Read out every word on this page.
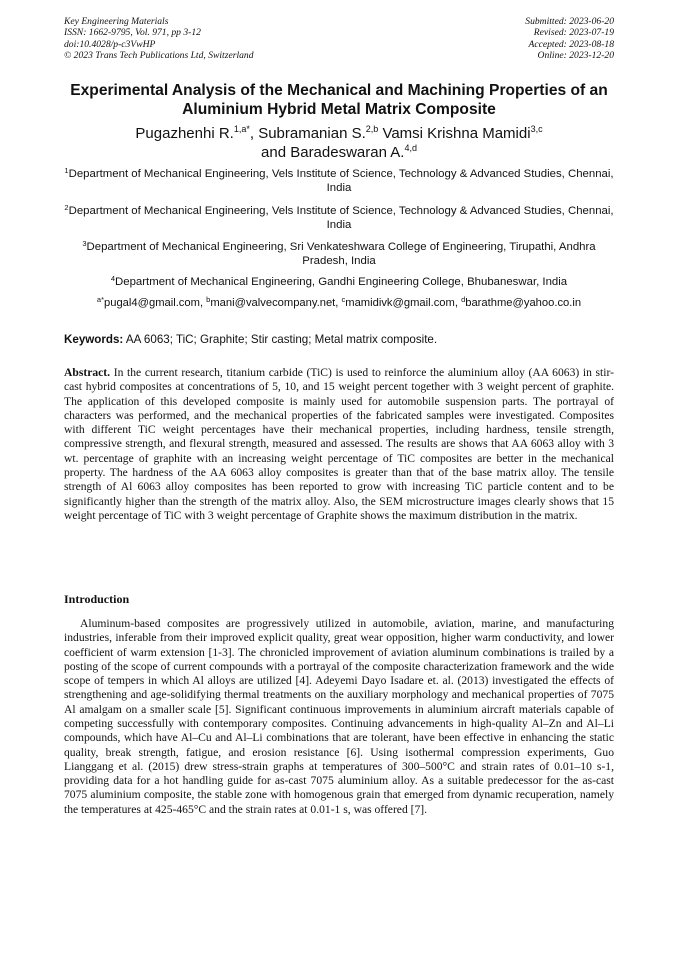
Key Engineering Materials
ISSN: 1662-9795, Vol. 971, pp 3-12
doi:10.4028/p-c3VwHP
© 2023 Trans Tech Publications Ltd, Switzerland
Submitted: 2023-06-20
Revised: 2023-07-19
Accepted: 2023-08-18
Online: 2023-12-20
Experimental Analysis of the Mechanical and Machining Properties of an Aluminium Hybrid Metal Matrix Composite
Pugazhenhi R.$^{1,a*}$, Subramanian S.$^{2,b}$ Vamsi Krishna Mamidi$^{3,c}$
and Baradeswaran A.$^{4,d}$
$^1$Department of Mechanical Engineering, Vels Institute of Science, Technology & Advanced Studies, Chennai, India
$^2$Department of Mechanical Engineering, Vels Institute of Science, Technology & Advanced Studies, Chennai, India
$^3$Department of Mechanical Engineering, Sri Venkateshwara College of Engineering, Tirupathi, Andhra Pradesh, India
$^4$Department of Mechanical Engineering, Gandhi Engineering College, Bhubaneswar, India
$^{a*}$pugal4@gmail.com, $^b$mani@valvecompany.net, $^c$mamidivk@gmail.com, $^d$barathme@yahoo.co.in
Keywords: AA 6063; TiC; Graphite; Stir casting; Metal matrix composite.
Abstract. In the current research, titanium carbide (TiC) is used to reinforce the aluminium alloy (AA 6063) in stir-cast hybrid composites at concentrations of 5, 10, and 15 weight percent together with 3 weight percent of graphite. The application of this developed composite is mainly used for automobile suspension parts. The portrayal of characters was performed, and the mechanical properties of the fabricated samples were investigated. Composites with different TiC weight percentages have their mechanical properties, including hardness, tensile strength, compressive strength, and flexural strength, measured and assessed. The results are shows that AA 6063 alloy with 3 wt. percentage of graphite with an increasing weight percentage of TiC composites are better in the mechanical property. The hardness of the AA 6063 alloy composites is greater than that of the base matrix alloy. The tensile strength of Al 6063 alloy composites has been reported to grow with increasing TiC particle content and to be significantly higher than the strength of the matrix alloy. Also, the SEM microstructure images clearly shows that 15 weight percentage of TiC with 3 weight percentage of Graphite shows the maximum distribution in the matrix.
Introduction
Aluminum-based composites are progressively utilized in automobile, aviation, marine, and manufacturing industries, inferable from their improved explicit quality, great wear opposition, higher warm conductivity, and lower coefficient of warm extension [1-3]. The chronicled improvement of aviation aluminum combinations is trailed by a posting of the scope of current compounds with a portrayal of the composite characterization framework and the wide scope of tempers in which Al alloys are utilized [4]. Adeyemi Dayo Isadare et. al. (2013) investigated the effects of strengthening and age-solidifying thermal treatments on the auxiliary morphology and mechanical properties of 7075 Al amalgam on a smaller scale [5]. Significant continuous improvements in aluminium aircraft materials capable of competing successfully with contemporary composites. Continuing advancements in high-quality Al–Zn and Al–Li compounds, which have Al–Cu and Al–Li combinations that are tolerant, have been effective in enhancing the static quality, break strength, fatigue, and erosion resistance [6]. Using isothermal compression experiments, Guo Lianggang et al. (2015) drew stress-strain graphs at temperatures of 300–500°C and strain rates of 0.01–10 s-1, providing data for a hot handling guide for as-cast 7075 aluminium alloy. As a suitable predecessor for the as-cast 7075 aluminium composite, the stable zone with homogenous grain that emerged from dynamic recuperation, namely the temperatures at 425-465°C and the strain rates at 0.01-1 s, was offered [7].
